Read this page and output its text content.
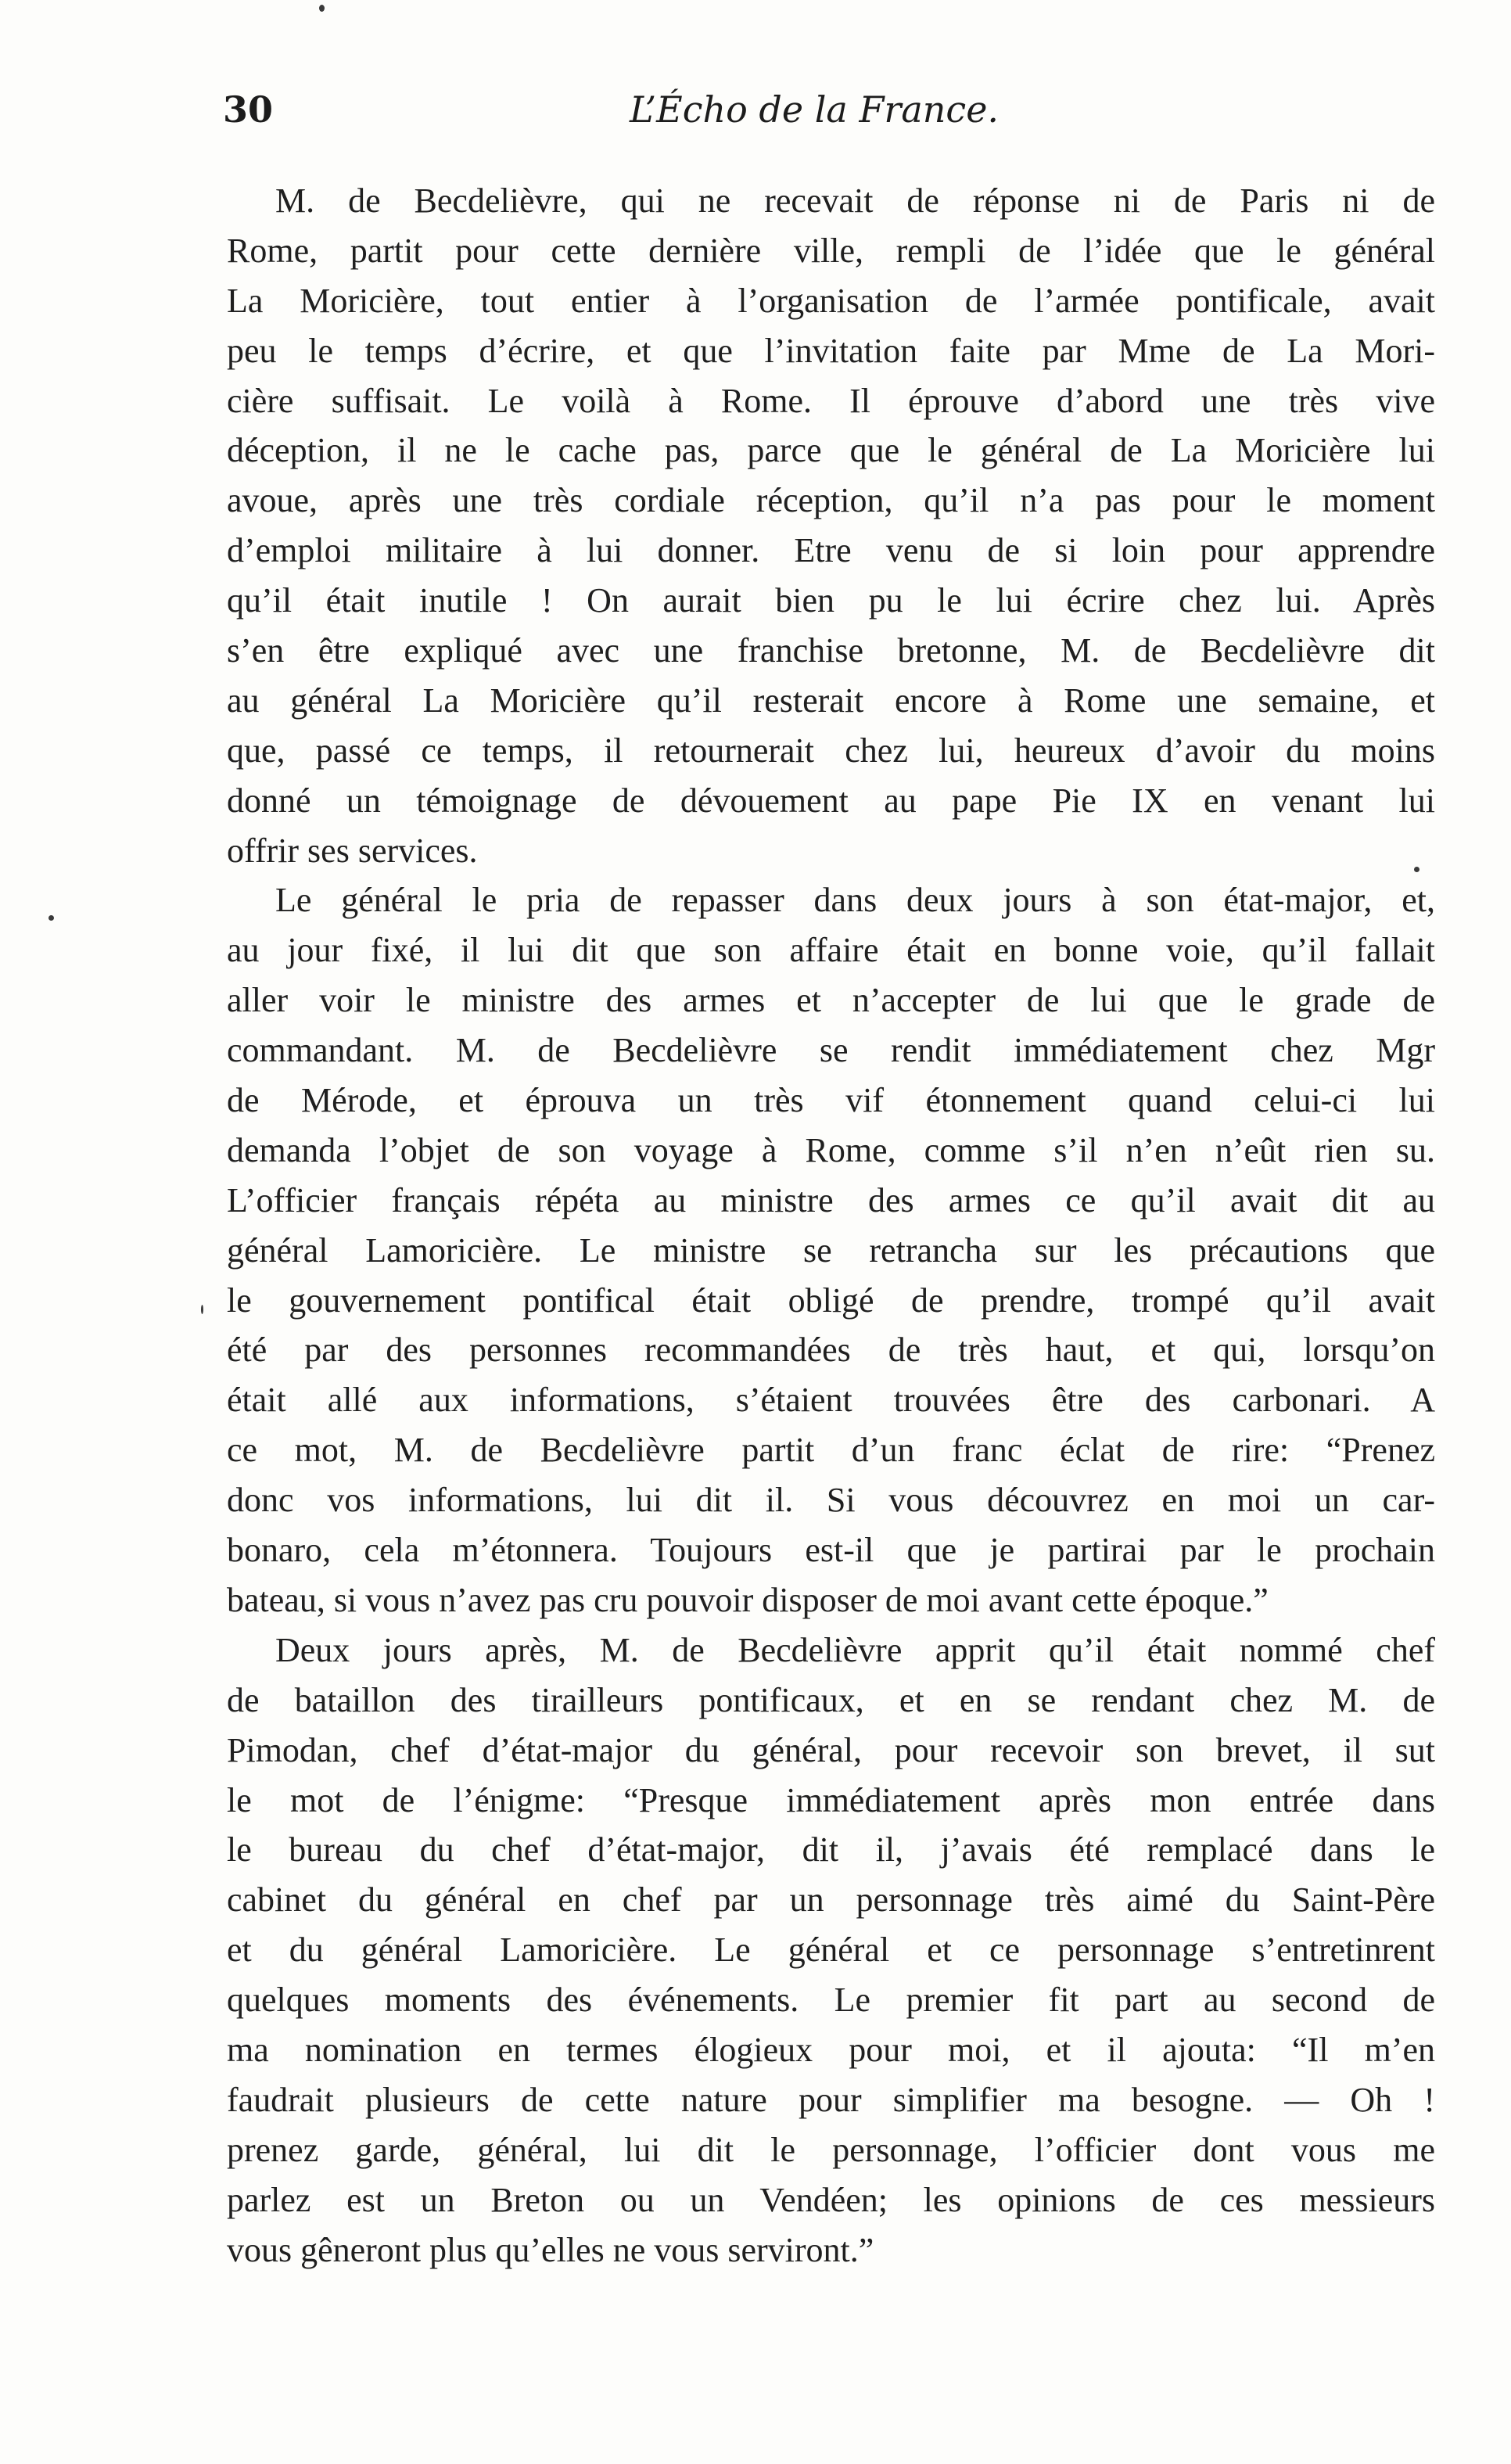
30	L’Écho de la France.
M. de Becdelièvre, qui ne recevait de réponse ni de Paris ni de
Rome, partit pour cette dernière ville, rempli de l’idée que le général
La Moricière, tout entier à l’organisation de l’armée pontificale, avait
peu le temps d’écrire, et que l’invitation faite par Mme de La Mori-
cière suffisait. Le voilà à Rome. Il éprouve d’abord une très vive
déception, il ne le cache pas, parce que le général de La Moricière lui
avoue, après une très cordiale réception, qu’il n’a pas pour le moment
d’emploi militaire à lui donner. Etre venu de si loin pour apprendre
qu’il était inutile ! On aurait bien pu le lui écrire chez lui. Après
s’en être expliqué avec une franchise bretonne, M. de Becdelièvre dit
au général La Moricière qu’il resterait encore à Rome une semaine, et
que, passé ce temps, il retournerait chez lui, heureux d’avoir du moins
donné un témoignage de dévouement au pape Pie IX en venant lui
offrir ses services.
Le général le pria de repasser dans deux jours à son état-major, et,
au jour fixé, il lui dit que son affaire était en bonne voie, qu’il fallait
aller voir le ministre des armes et n’accepter de lui que le grade de
commandant. M. de Becdelièvre se rendit immédiatement chez Mgr
de Mérode, et éprouva un très vif étonnement quand celui-ci lui
demanda l’objet de son voyage à Rome, comme s’il n’en n’eût rien su.
L’officier français répéta au ministre des armes ce qu’il avait dit au
général Lamoricière. Le ministre se retrancha sur les précautions que
le gouvernement pontifical était obligé de prendre, trompé qu’il avait
été par des personnes recommandées de très haut, et qui, lorsqu’on
était allé aux informations, s’étaient trouvées être des carbonari. A
ce mot, M. de Becdelièvre partit d’un franc éclat de rire: “Prenez
donc vos informations, lui dit il. Si vous découvrez en moi un car-
bonaro, cela m’étonnera. Toujours est-il que je partirai par le prochain
bateau, si vous n’avez pas cru pouvoir disposer de moi avant cette époque.”
Deux jours après, M. de Becdelièvre apprit qu’il était nommé chef
de bataillon des tirailleurs pontificaux, et en se rendant chez M. de
Pimodan, chef d’état-major du général, pour recevoir son brevet, il sut
le mot de l’énigme: “Presque immédiatement après mon entrée dans
le bureau du chef d’état-major, dit il, j’avais été remplacé dans le
cabinet du général en chef par un personnage très aimé du Saint-Père
et du général Lamoricière. Le général et ce personnage s’entretinrent
quelques moments des événements. Le premier fit part au second de
ma nomination en termes élogieux pour moi, et il ajouta: “Il m’en
faudrait plusieurs de cette nature pour simplifier ma besogne. — Oh !
prenez garde, général, lui dit le personnage, l’officier dont vous me
parlez est un Breton ou un Vendéen; les opinions de ces messieurs
vous gêneront plus qu’elles ne vous serviront.”
